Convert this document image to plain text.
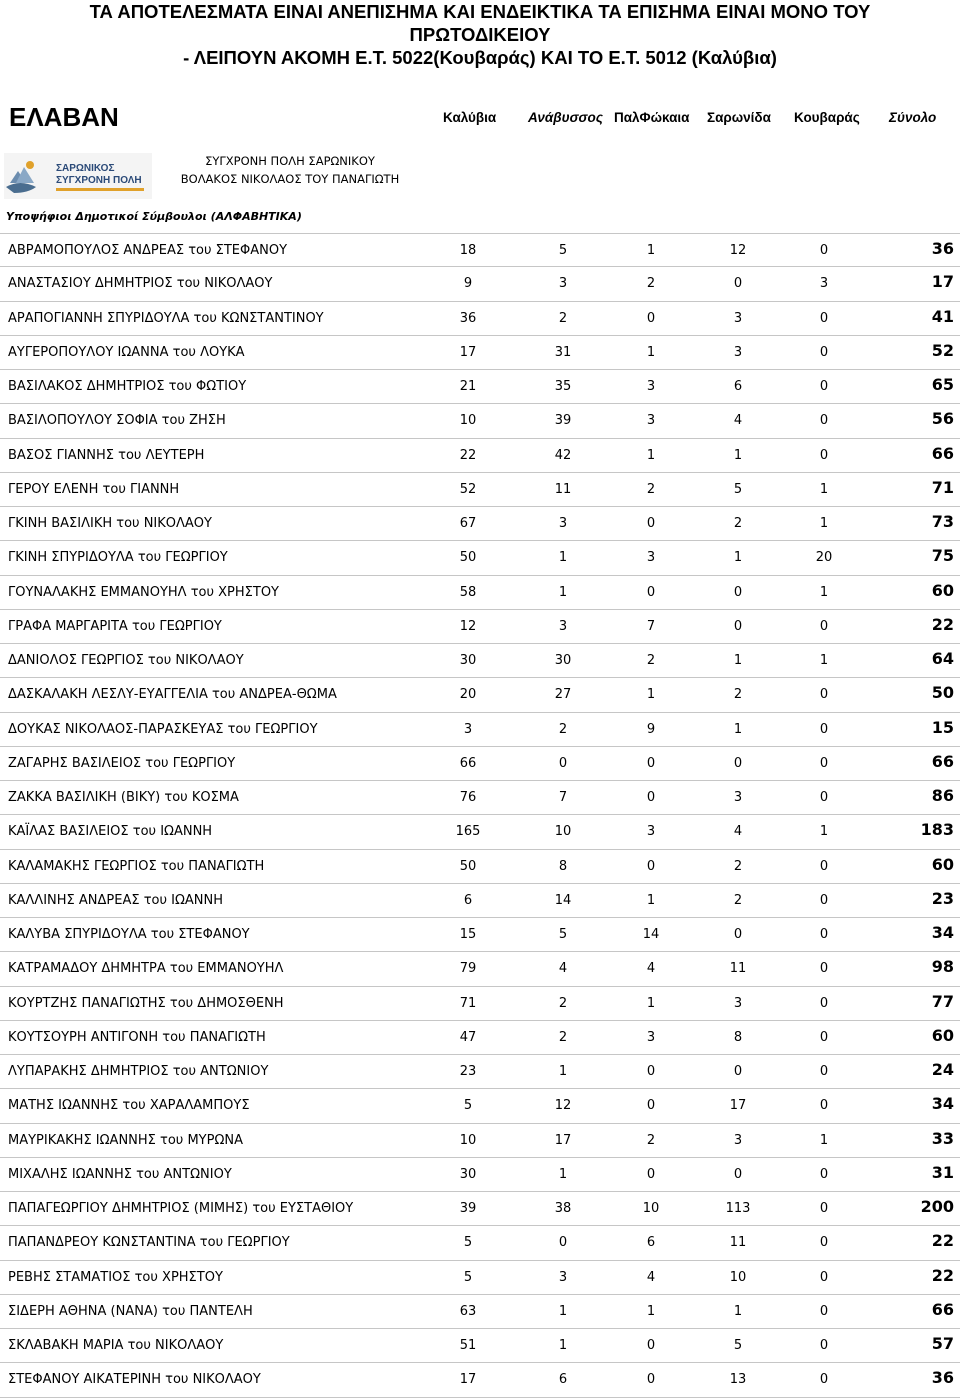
ΤΑ ΑΠΟΤΕΛΕΣΜΑΤΑ ΕΙΝΑΙ ΑΝΕΠΙΣΗΜΑ ΚΑΙ ΕΝΔΕΙΚΤΙΚΑ ΤΑ ΕΠΙΣΗΜΑ ΕΙΝΑΙ ΜΟΝΟ ΤΟΥ
ΠΡΩΤΟΔΙΚΕΙΟΥ
- ΛΕΙΠΟΥΝ ΑΚΟΜΗ Ε.Τ. 5022(Κουβαράς) ΚΑΙ ΤΟ Ε.Τ. 5012 (Καλύβια)
ΕΛΑΒΑΝ	Καλύβια Ανάβυσσος ΠαλΦώκαια Σαρωνίδα Κουβαράς Σύνολο
ΣΑΡΩΝΙΚΟΣ
ΣΥΓΧΡΟΝΗ ΠΟΛΗ
ΣΥΓΧΡΟΝΗ ΠΟΛΗ ΣΑΡΩΝΙΚΟΥ
ΒΟΛΑΚΟΣ ΝΙΚΟΛΑΟΣ ΤΟΥ ΠΑΝΑΓΙΩΤΗ
Υποψήφιοι Δημοτικοί Σύμβουλοι (ΑΛΦΑΒΗΤΙΚΑ)
ΑΒΡΑΜΟΠΟΥΛΟΣ ΑΝΔΡΕΑΣ του ΣΤΕΦΑΝΟΥ	18	5	1	12	0	36
ΑΝΑΣΤΑΣΙΟΥ ΔΗΜΗΤΡΙΟΣ του ΝΙΚΟΛΑΟΥ	9	3	2	0	3	17
ΑΡΑΠΟΓΙΑΝΝΗ ΣΠΥΡΙΔΟΥΛΑ του ΚΩΝΣΤΑΝΤΙΝΟΥ	36	2	0	3	0	41
ΑΥΓΕΡΟΠΟΥΛΟΥ ΙΩΑΝΝΑ του ΛΟΥΚΑ	17	31	1	3	0	52
ΒΑΣΙΛΑΚΟΣ ΔΗΜΗΤΡΙΟΣ του ΦΩΤΙΟΥ	21	35	3	6	0	65
ΒΑΣΙΛΟΠΟΥΛΟΥ ΣΟΦΙΑ του ΖΗΣΗ	10	39	3	4	0	56
ΒΑΣΟΣ ΓΙΑΝΝΗΣ του ΛΕΥΤΕΡΗ	22	42	1	1	0	66
ΓΕΡΟΥ ΕΛΕΝΗ του ΓΙΑΝΝΗ	52	11	2	5	1	71
ΓΚΙΝΗ ΒΑΣΙΛΙΚΗ του ΝΙΚΟΛΑΟΥ	67	3	0	2	1	73
ΓΚΙΝΗ ΣΠΥΡΙΔΟΥΛΑ του ΓΕΩΡΓΙΟΥ	50	1	3	1	20	75
ΓΟΥΝΑΛΑΚΗΣ ΕΜΜΑΝΟΥΗΛ του ΧΡΗΣΤΟΥ	58	1	0	0	1	60
ΓΡΑΦΑ ΜΑΡΓΑΡΙΤΑ του ΓΕΩΡΓΙΟΥ	12	3	7	0	0	22
ΔΑΝΙΟΛΟΣ ΓΕΩΡΓΙΟΣ του ΝΙΚΟΛΑΟΥ	30	30	2	1	1	64
ΔΑΣΚΑΛΑΚΗ ΛΕΣΛΥ-ΕΥΑΓΓΕΛΙΑ του ΑΝΔΡΕΑ-ΘΩΜΑ	20	27	1	2	0	50
ΔΟΥΚΑΣ ΝΙΚΟΛΑΟΣ-ΠΑΡΑΣΚΕΥΑΣ του ΓΕΩΡΓΙΟΥ	3	2	9	1	0	15
ΖΑΓΑΡΗΣ ΒΑΣΙΛΕΙΟΣ του ΓΕΩΡΓΙΟΥ	66	0	0	0	0	66
ΖΑΚΚΑ ΒΑΣΙΛΙΚΗ (ΒΙΚΥ) του ΚΟΣΜΑ	76	7	0	3	0	86
ΚΑΪΛΑΣ ΒΑΣΙΛΕΙΟΣ του ΙΩΑΝΝΗ	165	10	3	4	1	183
ΚΑΛΑΜΑΚΗΣ ΓΕΩΡΓΙΟΣ του ΠΑΝΑΓΙΩΤΗ	50	8	0	2	0	60
ΚΑΛΛΙΝΗΣ ΑΝΔΡΕΑΣ του ΙΩΑΝΝΗ	6	14	1	2	0	23
ΚΑΛΥΒΑ ΣΠΥΡΙΔΟΥΛΑ του ΣΤΕΦΑΝΟΥ	15	5	14	0	0	34
ΚΑΤΡΑΜΑΔΟΥ ΔΗΜΗΤΡΑ του ΕΜΜΑΝΟΥΗΛ	79	4	4	11	0	98
ΚΟΥΡΤΖΗΣ ΠΑΝΑΓΙΩΤΗΣ του ΔΗΜΟΣΘΕΝΗ	71	2	1	3	0	77
ΚΟΥΤΣΟΥΡΗ ΑΝΤΙΓΟΝΗ του ΠΑΝΑΓΙΩΤΗ	47	2	3	8	0	60
ΛΥΠΑΡΑΚΗΣ ΔΗΜΗΤΡΙΟΣ του ΑΝΤΩΝΙΟΥ	23	1	0	0	0	24
ΜΑΤΗΣ ΙΩΑΝΝΗΣ του ΧΑΡΑΛΑΜΠΟΥΣ	5	12	0	17	0	34
ΜΑΥΡΙΚΑΚΗΣ ΙΩΑΝΝΗΣ του ΜΥΡΩΝΑ	10	17	2	3	1	33
ΜΙΧΑΛΗΣ ΙΩΑΝΝΗΣ του ΑΝΤΩΝΙΟΥ	30	1	0	0	0	31
ΠΑΠΑΓΕΩΡΓΙΟΥ ΔΗΜΗΤΡΙΟΣ (ΜΙΜΗΣ) του ΕΥΣΤΑΘΙΟΥ	39	38	10	113	0	200
ΠΑΠΑΝΔΡΕΟΥ ΚΩΝΣΤΑΝΤΙΝΑ του ΓΕΩΡΓΙΟΥ	5	0	6	11	0	22
ΡΕΒΗΣ ΣΤΑΜΑΤΙΟΣ του ΧΡΗΣΤΟΥ	5	3	4	10	0	22
ΣΙΔΕΡΗ ΑΘΗΝΑ (ΝΑΝΑ) του ΠΑΝΤΕΛΗ	63	1	1	1	0	66
ΣΚΛΑΒΑΚΗ ΜΑΡΙΑ του ΝΙΚΟΛΑΟΥ	51	1	0	5	0	57
ΣΤΕΦΑΝΟΥ ΑΙΚΑΤΕΡΙΝΗ του ΝΙΚΟΛΑΟΥ	17	6	0	13	0	36
